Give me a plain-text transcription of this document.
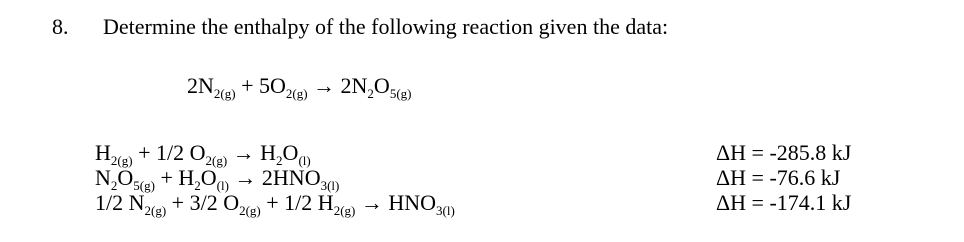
8. Determine the enthalpy of the following reaction given the data:
$2N_{2(g)} + 5O_{2(g)} \to 2N_2O_{5(g)}$
$H_{2(g)} + 1/2$ $O_{2(g)} \to H_2O_{(l)}$
$N_2O_{5(g)} + H_2O_{(l)} \to 2HNO_{3(l)}$
1/2 $N_{2(g)} + 3/2$ $O_{2(g)} + 1/2$ $H_{2(g)} \to HNO_{3(l)}$
ΔH = -285.8 kJ
ΔH = -76.6 kJ
ΔH = -174.1 kJ
